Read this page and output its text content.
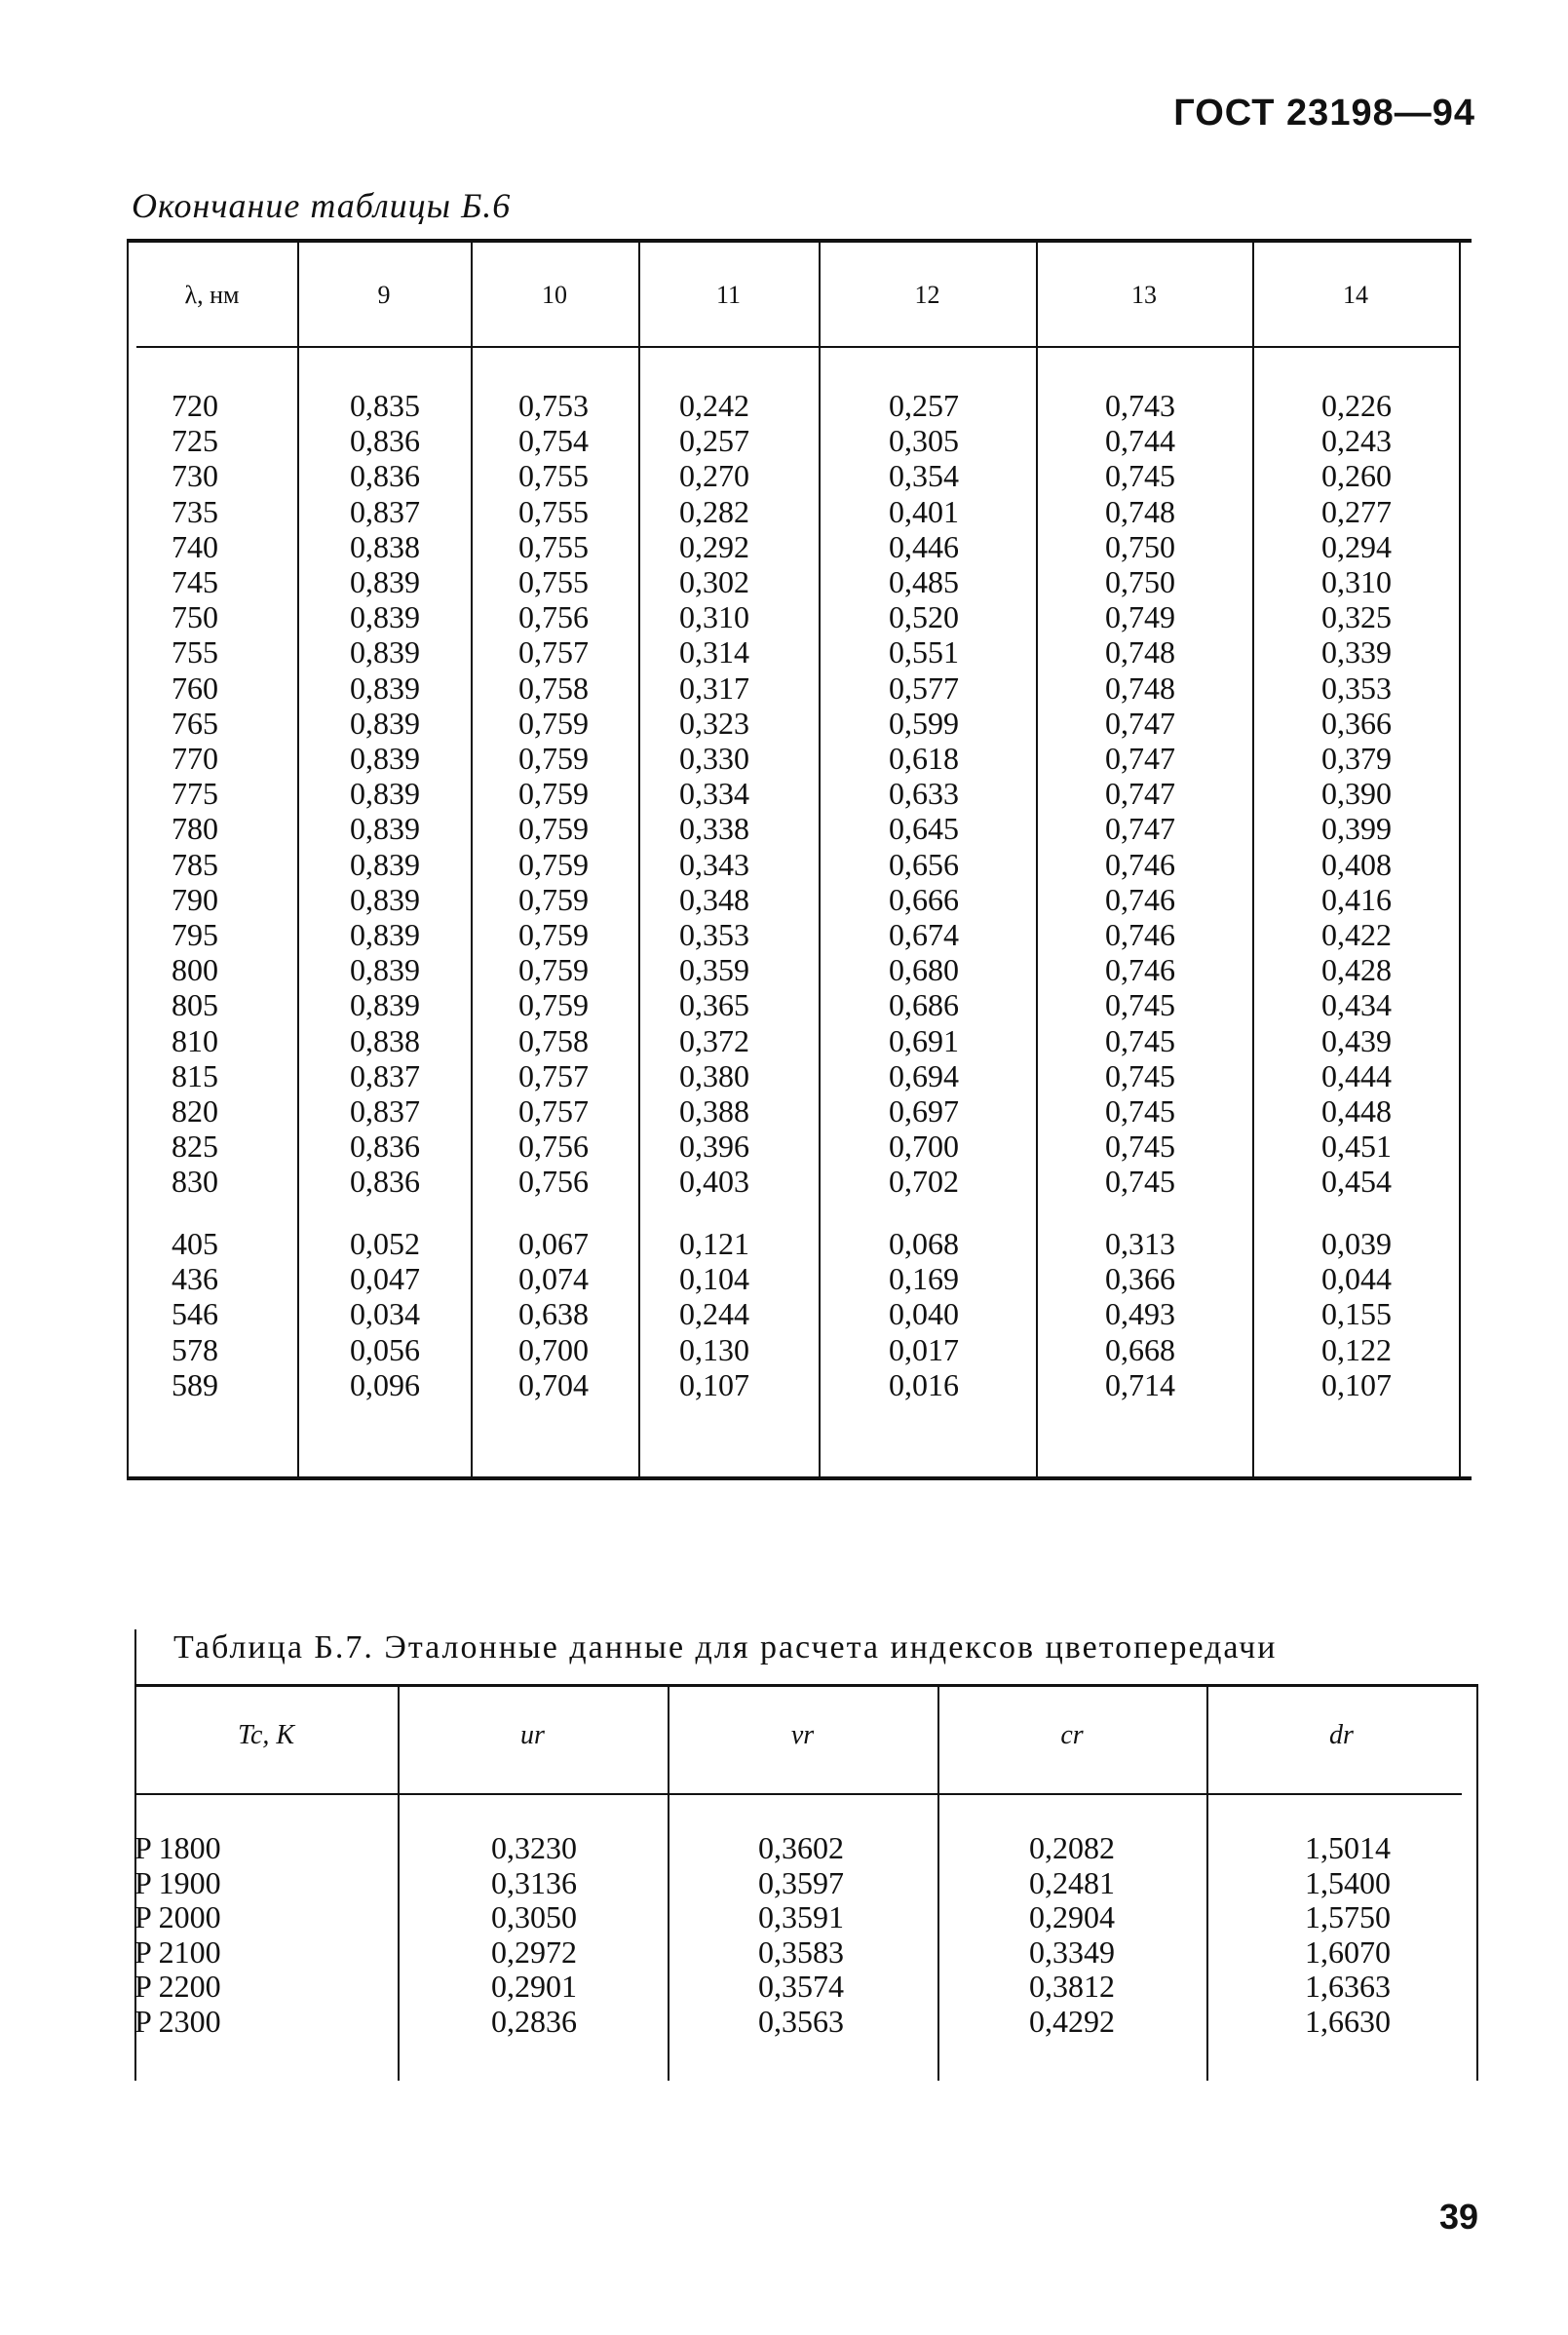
ГОСТ 23198—94
Окончание таблицы Б.6
λ, нм	9	10	11	12	13	14
720	0,835	0,753	0,242	0,257	0,743	0,226
725	0,836	0,754	0,257	0,305	0,744	0,243
730	0,836	0,755	0,270	0,354	0,745	0,260
735	0,837	0,755	0,282	0,401	0,748	0,277
740	0,838	0,755	0,292	0,446	0,750	0,294
745	0,839	0,755	0,302	0,485	0,750	0,310
750	0,839	0,756	0,310	0,520	0,749	0,325
755	0,839	0,757	0,314	0,551	0,748	0,339
760	0,839	0,758	0,317	0,577	0,748	0,353
765	0,839	0,759	0,323	0,599	0,747	0,366
770	0,839	0,759	0,330	0,618	0,747	0,379
775	0,839	0,759	0,334	0,633	0,747	0,390
780	0,839	0,759	0,338	0,645	0,747	0,399
785	0,839	0,759	0,343	0,656	0,746	0,408
790	0,839	0,759	0,348	0,666	0,746	0,416
795	0,839	0,759	0,353	0,674	0,746	0,422
800	0,839	0,759	0,359	0,680	0,746	0,428
805	0,839	0,759	0,365	0,686	0,745	0,434
810	0,838	0,758	0,372	0,691	0,745	0,439
815	0,837	0,757	0,380	0,694	0,745	0,444
820	0,837	0,757	0,388	0,697	0,745	0,448
825	0,836	0,756	0,396	0,700	0,745	0,451
830	0,836	0,756	0,403	0,702	0,745	0,454
405	0,052	0,067	0,121	0,068	0,313	0,039
436	0,047	0,074	0,104	0,169	0,366	0,044
546	0,034	0,638	0,244	0,040	0,493	0,155
578	0,056	0,700	0,130	0,017	0,668	0,122
589	0,096	0,704	0,107	0,016	0,714	0,107
Таблица Б.7. Эталонные данные для расчета индексов цветопередачи
Tc, K	ur	vr	cr	dr
P 1800	0,3230	0,3602	0,2082	1,5014
P 1900	0,3136	0,3597	0,2481	1,5400
P 2000	0,3050	0,3591	0,2904	1,5750
P 2100	0,2972	0,3583	0,3349	1,6070
P 2200	0,2901	0,3574	0,3812	1,6363
P 2300	0,2836	0,3563	0,4292	1,6630
39
